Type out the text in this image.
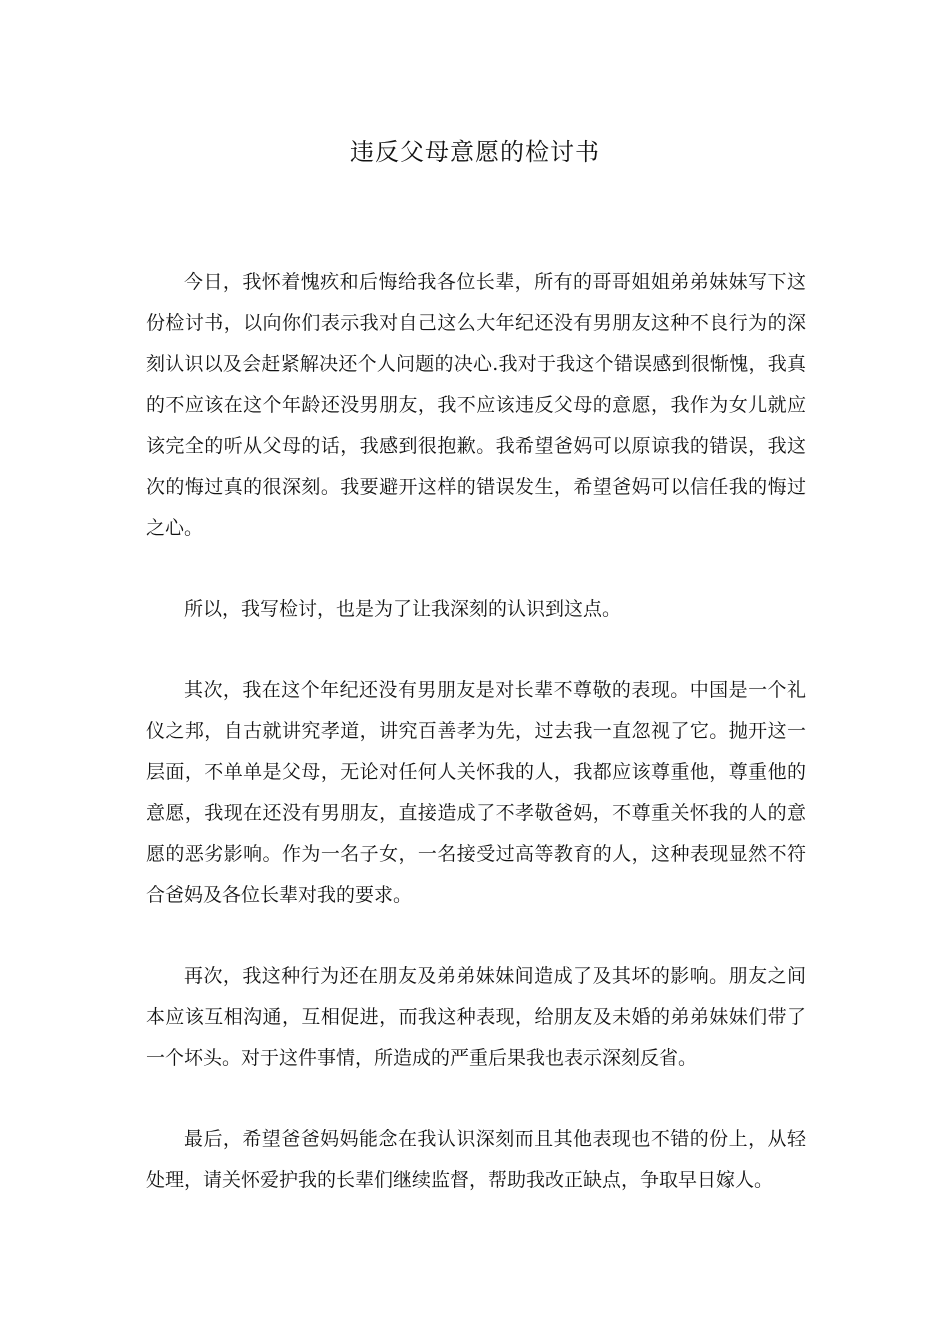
违反父母意愿的检讨书

今日，我怀着愧疚和后悔给我各位长辈，所有的哥哥姐姐弟弟妹妹写下这份检讨书，以向你们表示我对自己这么大年纪还没有男朋友这种不良行为的深刻认识以及会赶紧解决还个人问题的决心.我对于我这个错误感到很惭愧，我真的不应该在这个年龄还没男朋友，我不应该违反父母的意愿，我作为女儿就应该完全的听从父母的话，我感到很抱歉。我希望爸妈可以原谅我的错误，我这次的悔过真的很深刻。我要避开这样的错误发生，希望爸妈可以信任我的悔过之心。

所以，我写检讨，也是为了让我深刻的认识到这点。

其次，我在这个年纪还没有男朋友是对长辈不尊敬的表现。中国是一个礼仪之邦，自古就讲究孝道，讲究百善孝为先，过去我一直忽视了它。抛开这一层面，不单单是父母，无论对任何人关怀我的人，我都应该尊重他，尊重他的意愿，我现在还没有男朋友，直接造成了不孝敬爸妈，不尊重关怀我的人的意愿的恶劣影响。作为一名子女，一名接受过高等教育的人，这种表现显然不符合爸妈及各位长辈对我的要求。

再次，我这种行为还在朋友及弟弟妹妹间造成了及其坏的影响。朋友之间本应该互相沟通，互相促进，而我这种表现，给朋友及未婚的弟弟妹妹们带了一个坏头。对于这件事情，所造成的严重后果我也表示深刻反省。

最后，希望爸爸妈妈能念在我认识深刻而且其他表现也不错的份上，从轻处理，请关怀爱护我的长辈们继续监督，帮助我改正缺点，争取早日嫁人。
